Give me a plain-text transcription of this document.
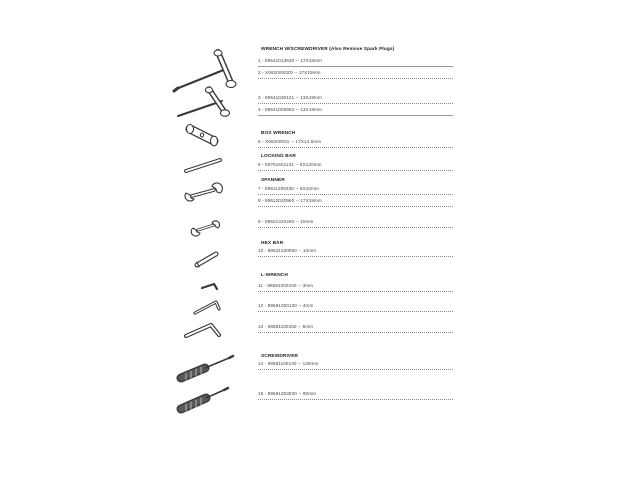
WRENCH W/SCREWDRIVER (Also Remove Spark Plugs)
1 - 89541013630 -- 17X19mm
2 - X66200002D -- 17X19mm
3 - 89541030131 -- 13X19mm
4 - 89541005962 -- 13X19mm
BOX WRENCH
5 - X66200031 -- 17X14.5mm
LOCKING BAR
6 - 89751601131 -- 5X120mm
SPANNER
7 - 89511200330 -- 8X10mm
8 - 89512020960 -- 17X19mm
9 - 89521320260 -- 10mm
HEX BAR
10 - 89541220960 -- 10mm
L-WRENCH
11 - 89581000430 -- 3mm
12 - 89581000130 -- 4mm
13 - 89581100330 -- 5mm
SCREWDRIVER
14 - 89581100130 -- 125mm
15 - 89581203930 -- 80mm
